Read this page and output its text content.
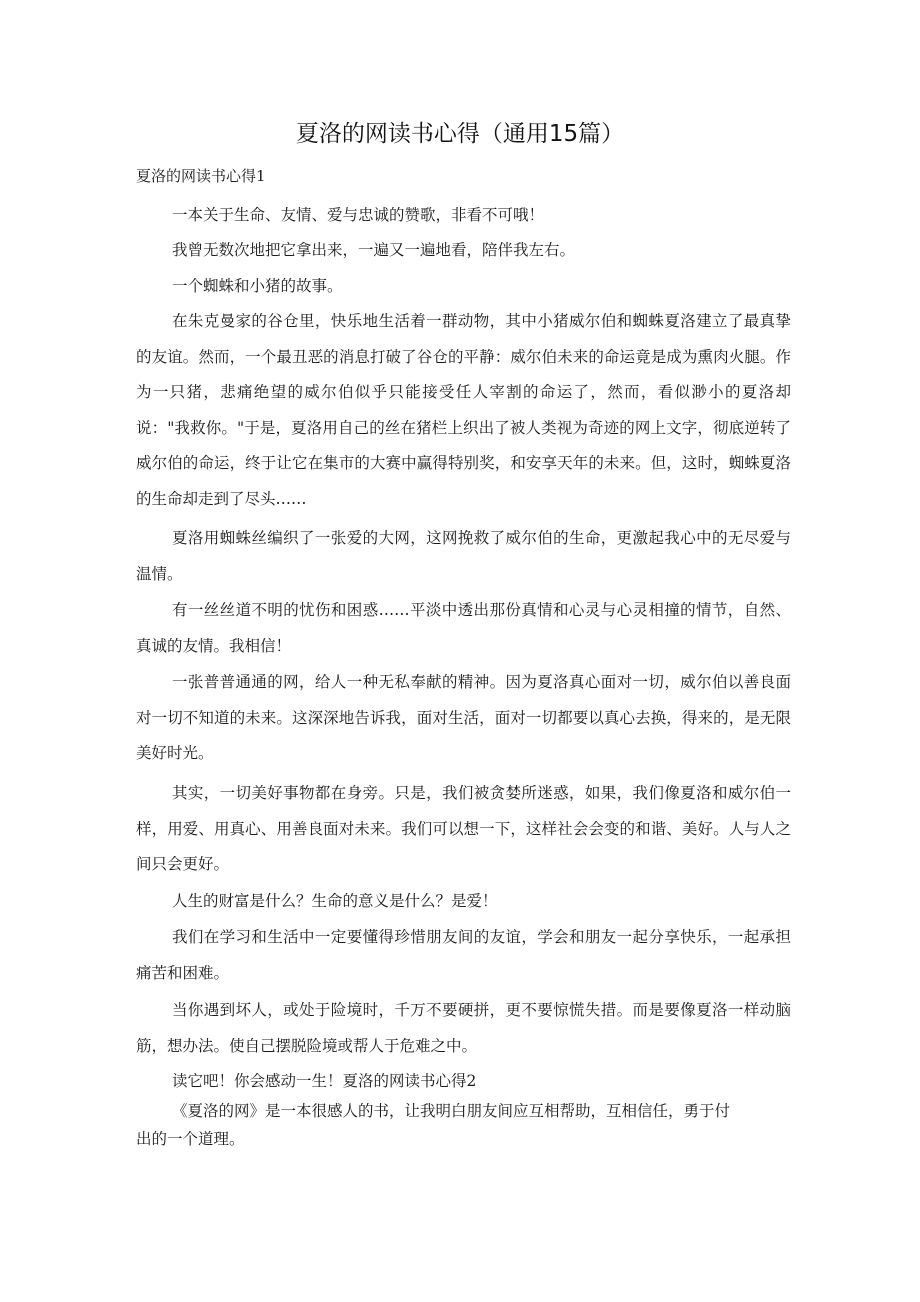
夏洛的网读书心得（通用15篇）
夏洛的网读书心得1

一本关于生命、友情、爱与忠诚的赞歌，非看不可哦！

我曾无数次地把它拿出来，一遍又一遍地看，陪伴我左右。

一个蜘蛛和小猪的故事。

在朱克曼家的谷仓里，快乐地生活着一群动物，其中小猪威尔伯和蜘蛛夏洛建立了最真挚的友谊。然而，一个最丑恶的消息打破了谷仓的平静：威尔伯未来的命运竟是成为熏肉火腿。作为一只猪，悲痛绝望的威尔伯似乎只能接受任人宰割的命运了，然而，看似渺小的夏洛却说："我救你。"于是，夏洛用自己的丝在猪栏上织出了被人类视为奇迹的网上文字，彻底逆转了威尔伯的命运，终于让它在集市的大赛中赢得特别奖，和安享天年的未来。但，这时，蜘蛛夏洛的生命却走到了尽头……

夏洛用蜘蛛丝编织了一张爱的大网，这网挽救了威尔伯的生命，更激起我心中的无尽爱与温情。

有一丝丝道不明的忧伤和困惑……平淡中透出那份真情和心灵与心灵相撞的情节，自然、真诚的友情。我相信！

一张普普通通的网，给人一种无私奉献的精神。因为夏洛真心面对一切，威尔伯以善良面对一切不知道的未来。这深深地告诉我，面对生活，面对一切都要以真心去换，得来的，是无限美好时光。

其实，一切美好事物都在身旁。只是，我们被贪婪所迷惑，如果，我们像夏洛和威尔伯一样，用爱、用真心、用善良面对未来。我们可以想一下，这样社会会变的和谐、美好。人与人之间只会更好。

人生的财富是什么？生命的意义是什么？是爱！

我们在学习和生活中一定要懂得珍惜朋友间的友谊，学会和朋友一起分享快乐，一起承担痛苦和困难。

当你遇到坏人，或处于险境时，千万不要硬拼，更不要惊慌失措。而是要像夏洛一样动脑筋，想办法。使自己摆脱险境或帮人于危难之中。

读它吧！你会感动一生！夏洛的网读书心得2

《夏洛的网》是一本很感人的书，让我明白朋友间应互相帮助，互相信任，勇于付出的一个道理。
